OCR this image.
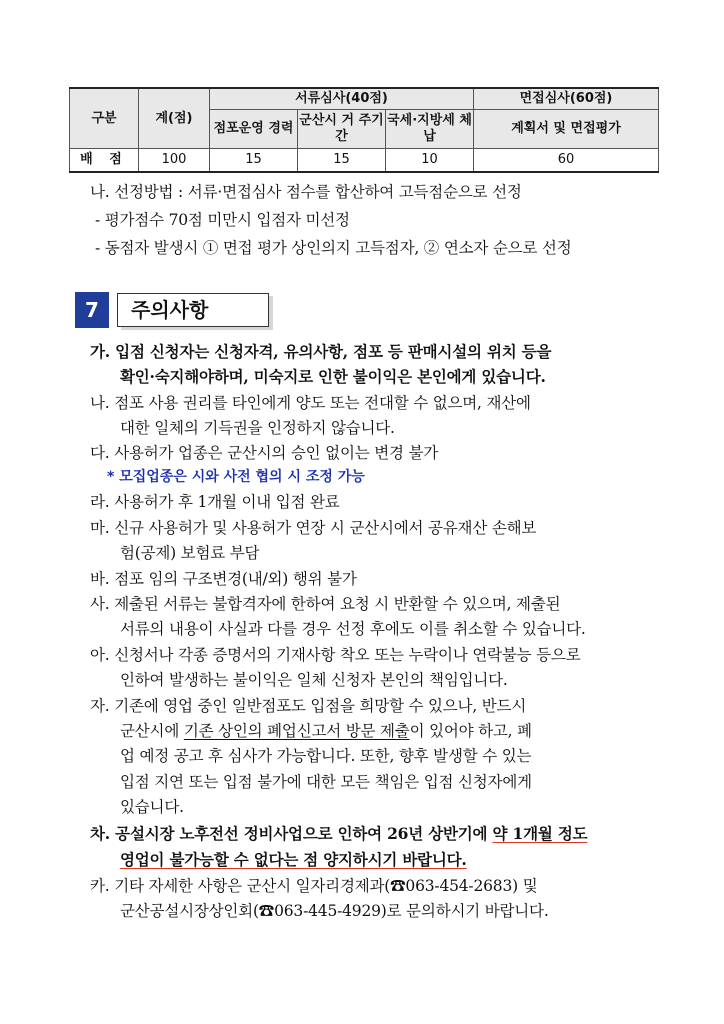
구분	계(점)	서류심사(40점)			면접심사(60점)
		점포운영 경력	군산시 거 주기간	국세·지방세 체납	계획서 및 면접평가
배 점	100	15	15	10	60
나. 선정방법 : 서류·면접심사 점수를 합산하여 고득점순으로 선정
- 평가점수 70점 미만시 입점자 미선정
- 동점자 발생시 ① 면접 평가 상인의지 고득점자, ② 연소자 순으로 선정
7	주의사항
가. 입점 신청자는 신청자격, 유의사항, 점포 등 판매시설의 위치 등을
확인·숙지해야하며, 미숙지로 인한 불이익은 본인에게 있습니다.
나. 점포 사용 권리를 타인에게 양도 또는 전대할 수 없으며, 재산에
대한 일체의 기득권을 인정하지 않습니다.
다. 사용허가 업종은 군산시의 승인 없이는 변경 불가
* 모집업종은 시와 사전 협의 시 조정 가능
라. 사용허가 후 1개월 이내 입점 완료
마. 신규 사용허가 및 사용허가 연장 시 군산시에서 공유재산 손해보
험(공제) 보험료 부담
바. 점포 임의 구조변경(내/외) 행위 불가
사. 제출된 서류는 불합격자에 한하여 요청 시 반환할 수 있으며, 제출된
서류의 내용이 사실과 다를 경우 선정 후에도 이를 취소할 수 있습니다.
아. 신청서나 각종 증명서의 기재사항 착오 또는 누락이나 연락불능 등으로
인하여 발생하는 불이익은 일체 신청자 본인의 책임입니다.
자. 기존에 영업 중인 일반점포도 입점을 희망할 수 있으나, 반드시
군산시에 기존 상인의 폐업신고서 방문 제출이 있어야 하고, 폐
업 예정 공고 후 심사가 가능합니다. 또한, 향후 발생할 수 있는
입점 지연 또는 입점 불가에 대한 모든 책임은 입점 신청자에게
있습니다.
차. 공설시장 노후전선 정비사업으로 인하여 26년 상반기에 약 1개월 정도
영업이 불가능할 수 없다는 점 양지하시기 바랍니다.
카. 기타 자세한 사항은 군산시 일자리경제과(☎063-454-2683) 및
군산공설시장상인회(☎063-445-4929)로 문의하시기 바랍니다.
